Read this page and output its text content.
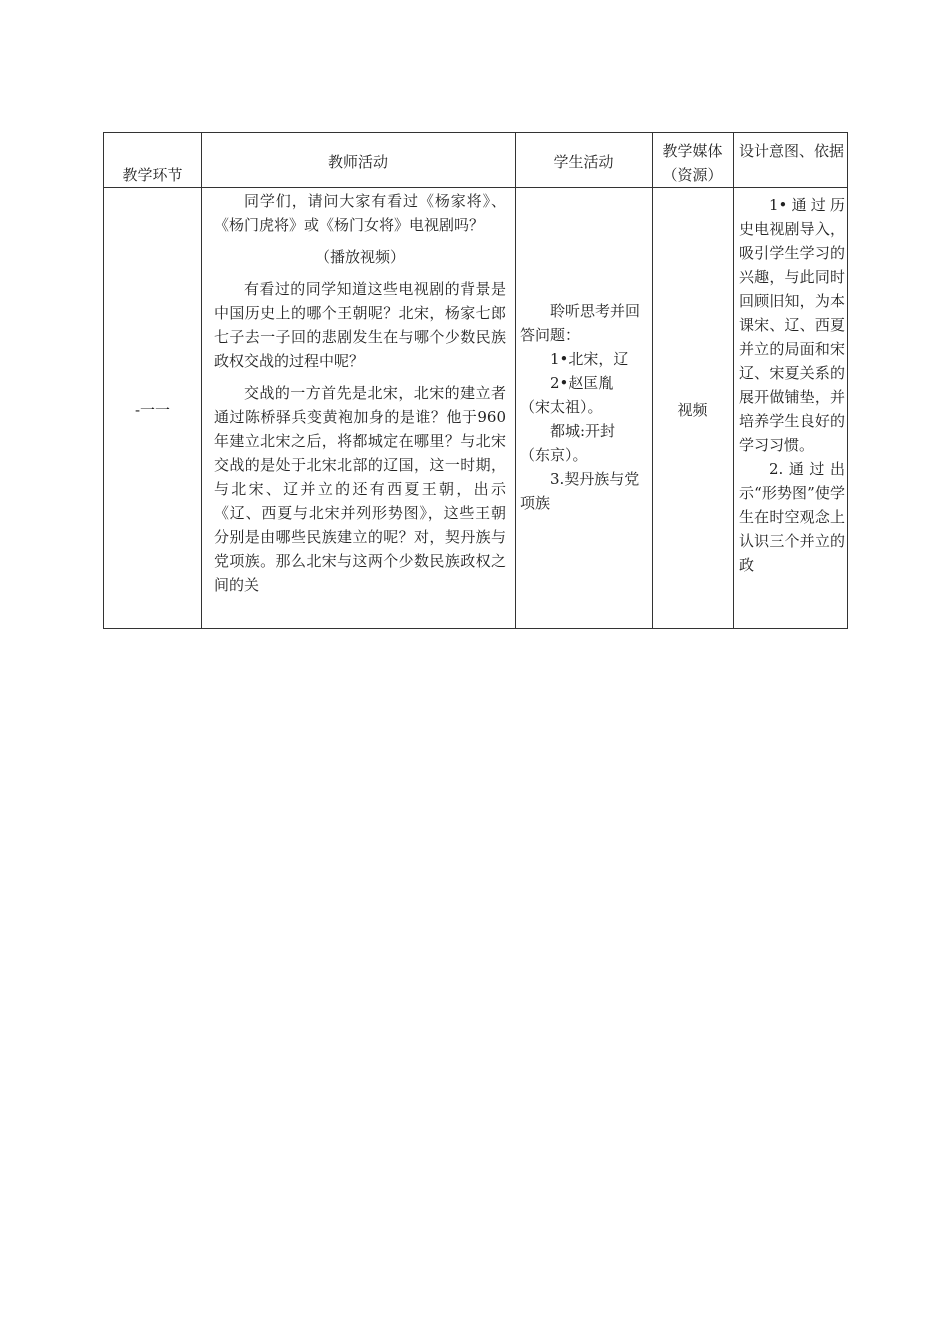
教学环节
教师活动	学生活动

教学媒体

（资源）

设计意图、依据
-一一

同学们，请问大家有看过《杨家将》、《杨门虎将》或《杨门女将》电视剧吗？

（播放视频）

有看过的同学知道这些电视剧的背景是中国历史上的哪个王朝呢？北宋，杨家七郎七子去一子回的悲剧发生在与哪个少数民族政权交战的过程中呢？

交战的一方首先是北宋，北宋的建立者通过陈桥驿兵变黄袍加身的是谁？他于960年建立北宋之后，将都城定在哪里？与北宋交战的是处于北宋北部的辽国，这一时期，与北宋、辽并立的还有西夏王朝，出示《辽、西夏与北宋并列形势图》，这些王朝分别是由哪些民族建立的呢？对，契丹族与党项族。那么北宋与这两个少数民族政权之间的关

聆听思考并回答问题：

1•北宋，辽

2•赵匡胤（宋太祖）。

都城:开封（东京）。

3.契丹族与党项族

视频

1•通过历史电视剧导入，吸引学生学习的兴趣，与此同时回顾旧知，为本课宋、辽、西夏并立的局面和宋辽、宋夏关系的展开做铺垫，并培养学生良好的学习习惯。

2.通过出示“形势图”使学生在时空观念上认识三个并立的政
